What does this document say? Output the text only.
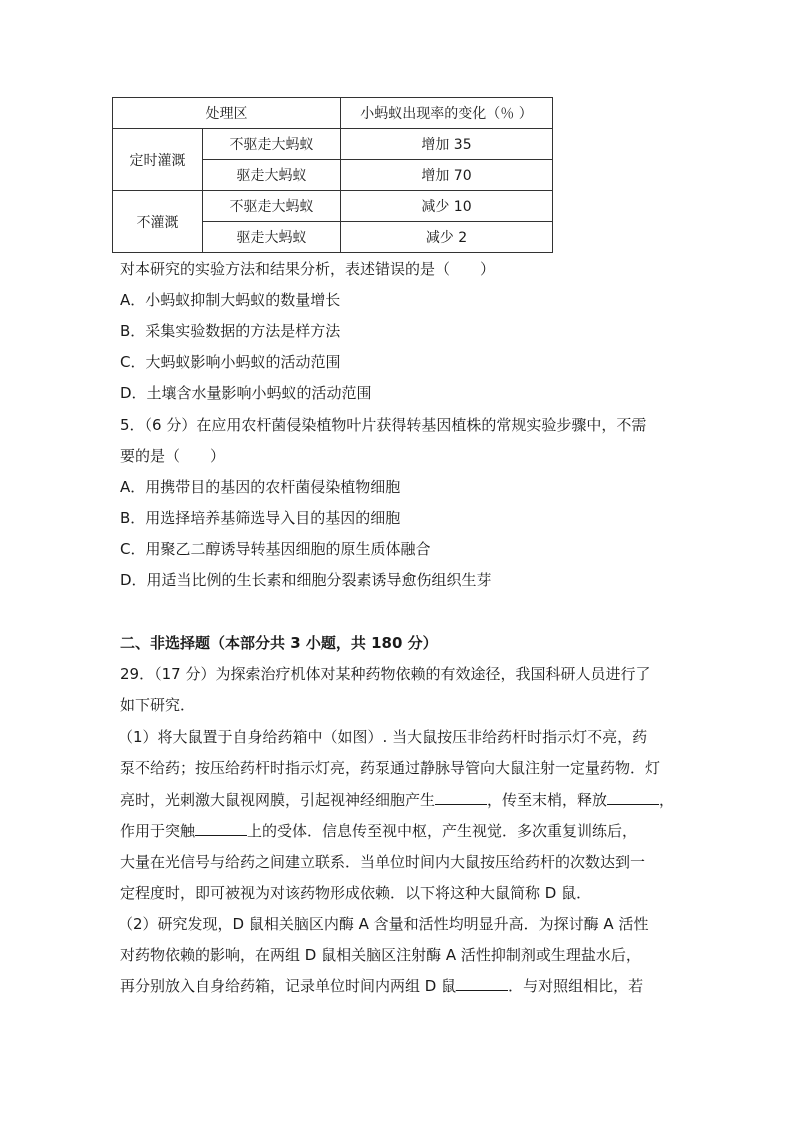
处理区		小蚂蚁出现率的变化（％ ）
定时灌溉	不驱走大蚂蚁	增加 35
	驱走大蚂蚁	增加 70
不灌溉	不驱走大蚂蚁	减少 10
	驱走大蚂蚁	减少 2
对本研究的实验方法和结果分析，表述错误的是（　　）
A．小蚂蚁抑制大蚂蚁的数量增长
B．采集实验数据的方法是样方法
C．大蚂蚁影响小蚂蚁的活动范围
D．土壤含水量影响小蚂蚁的活动范围
5．（6 分）在应用农杆菌侵染植物叶片获得转基因植株的常规实验步骤中，不需
要的是（　　）
A．用携带目的基因的农杆菌侵染植物细胞
B．用选择培养基筛选导入目的基因的细胞
C．用聚乙二醇诱导转基因细胞的原生质体融合
D．用适当比例的生长素和细胞分裂素诱导愈伤组织生芽
二、非选择题（本部分共 3 小题，共 180 分）
29．（17 分）为探索治疗机体对某种药物依赖的有效途径，我国科研人员进行了
如下研究．
（1）将大鼠置于自身给药箱中（如图）. 当大鼠按压非给药杆时指示灯不亮，药
泵不给药；按压给药杆时指示灯亮，药泵通过静脉导管向大鼠注射一定量药物．灯
亮时，光刺激大鼠视网膜，引起视神经细胞产生	，传至末梢，释放	，
作用于突触	上的受体．信息传至视中枢，产生视觉．多次重复训练后，
大量在光信号与给药之间建立联系．当单位时间内大鼠按压给药杆的次数达到一
定程度时，即可被视为对该药物形成依赖．以下将这种大鼠简称 D 鼠．
（2）研究发现，D 鼠相关脑区内酶 A 含量和活性均明显升高．为探讨酶 A 活性
对药物依赖的影响，在两组 D 鼠相关脑区注射酶 A 活性抑制剂或生理盐水后，
再分别放入自身给药箱，记录单位时间内两组 D 鼠	．与对照组相比，若
